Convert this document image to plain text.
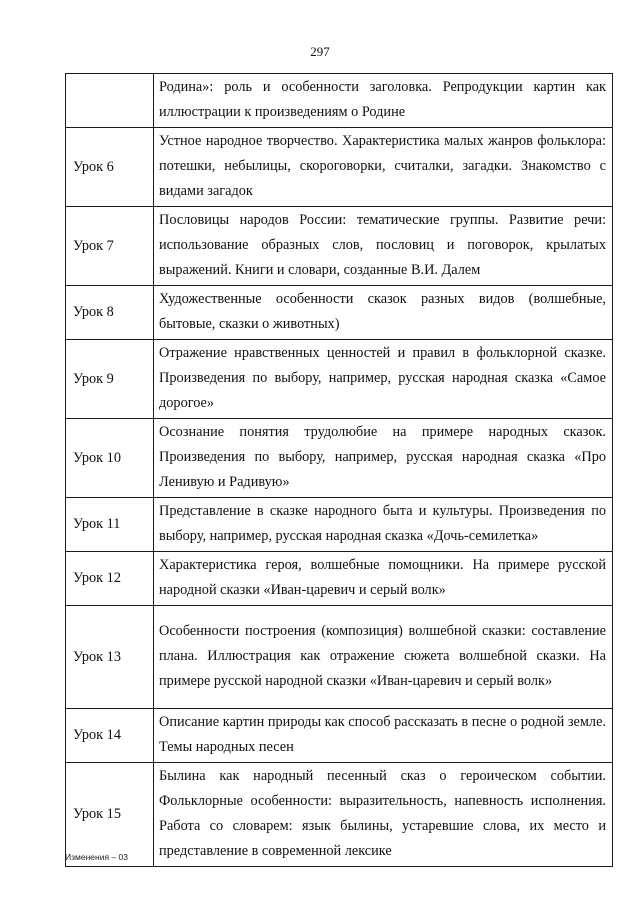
297
	Родина»: роль и особенности заголовка. Репродукции картин как иллюстрации к произведениям о Родине
Урок 6	Устное народное творчество. Характеристика малых жанров фольклора: потешки, небылицы, скороговорки, считалки, загадки. Знакомство с видами загадок
Урок 7	Пословицы народов России: тематические группы. Развитие речи: использование образных слов, пословиц и поговорок, крылатых выражений. Книги и словари, созданные В.И. Далем
Урок 8	Художественные особенности сказок разных видов (волшебные, бытовые, сказки о животных)
Урок 9	Отражение нравственных ценностей и правил в фольклорной сказке. Произведения по выбору, например, русская народная сказка «Самое дорогое»
Урок 10	Осознание понятия трудолюбие на примере народных сказок. Произведения по выбору, например, русская народная сказка «Про Ленивую и Радивую»
Урок 11	Представление в сказке народного быта и культуры. Произведения по выбору, например, русская народная сказка «Дочь-семилетка»
Урок 12	Характеристика героя, волшебные помощники. На примере русской народной сказки «Иван-царевич и серый волк»
Урок 13	Особенности построения (композиция) волшебной сказки: составление плана. Иллюстрация как отражение сюжета волшебной сказки. На примере русской народной сказки «Иван-царевич и серый волк»
Урок 14	Описание картин природы как способ рассказать в песне о родной земле. Темы народных песен
Урок 15	Былина как народный песенный сказ о героическом событии. Фольклорные особенности: выразительность, напевность исполнения. Работа со словарем: язык былины, устаревшие слова, их место и представление в современной лексике
Изменения – 03
